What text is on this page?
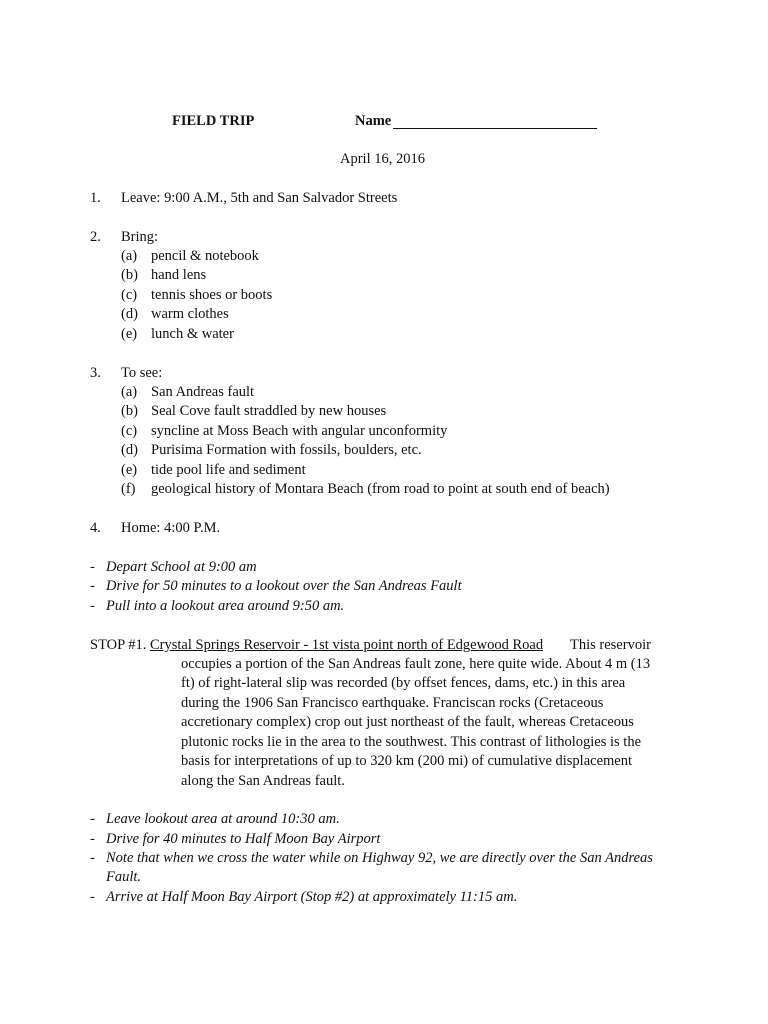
FIELD TRIP	Name
April 16, 2016
1. Leave: 9:00 A.M., 5th and San Salvador Streets
2. Bring:
(a) pencil & notebook
(b) hand lens
(c) tennis shoes or boots
(d) warm clothes
(e) lunch & water
3. To see:
(a) San Andreas fault
(b) Seal Cove fault straddled by new houses
(c) syncline at Moss Beach with angular unconformity
(d) Purisima Formation with fossils, boulders, etc.
(e) tide pool life and sediment
(f) geological history of Montara Beach (from road to point at south end of beach)
4. Home: 4:00 P.M.
- Depart School at 9:00 am
- Drive for 50 minutes to a lookout over the San Andreas Fault
- Pull into a lookout area around 9:50 am.
STOP #1. Crystal Springs Reservoir - 1st vista point north of Edgewood Road This reservoir
occupies a portion of the San Andreas fault zone, here quite wide. About 4 m (13
ft) of right-lateral slip was recorded (by offset fences, dams, etc.) in this area
during the 1906 San Francisco earthquake. Franciscan rocks (Cretaceous
accretionary complex) crop out just northeast of the fault, whereas Cretaceous
plutonic rocks lie in the area to the southwest. This contrast of lithologies is the
basis for interpretations of up to 320 km (200 mi) of cumulative displacement
along the San Andreas fault.
- Leave lookout area at around 10:30 am.
- Drive for 40 minutes to Half Moon Bay Airport
- Note that when we cross the water while on Highway 92, we are directly over the San Andreas
Fault.
- Arrive at Half Moon Bay Airport (Stop #2) at approximately 11:15 am.
